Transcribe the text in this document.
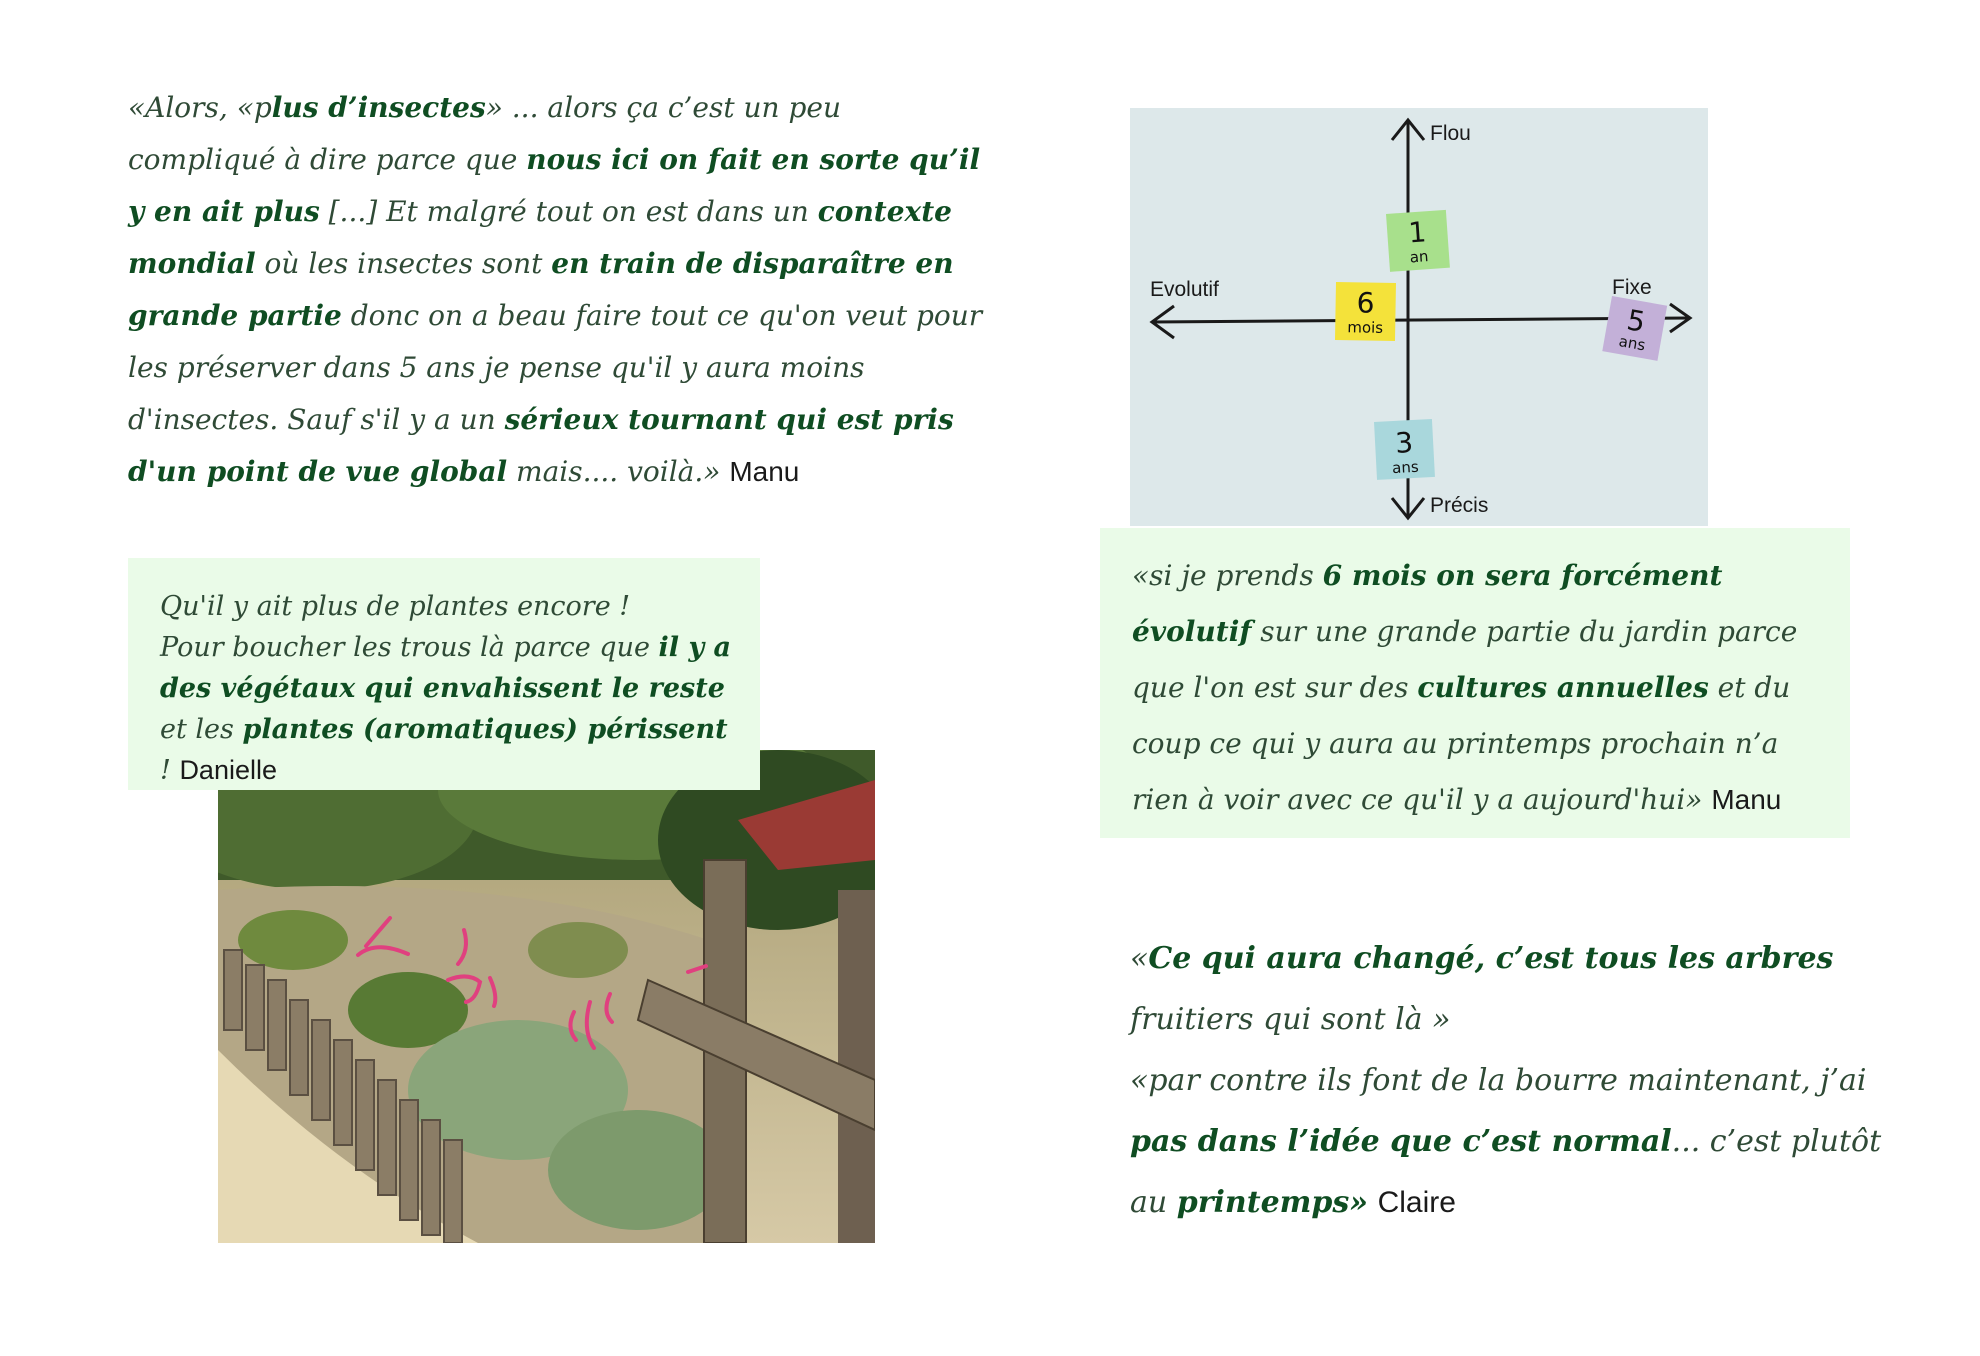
«Alors, «plus d’insectes» ... alors ça c’est un peu compliqué à dire parce que nous ici on fait en sorte qu’il y en ait plus [...] Et malgré tout on est dans un contexte mondial où les insectes sont en train de disparaître en grande partie donc on a beau faire tout ce qu'on veut pour les préserver dans 5 ans je pense qu'il y aura moins d'insectes. Sauf s'il y a un sérieux tournant qui est pris d'un point de vue global mais.... voilà.» Manu
Flou
Précis
Evolutif	Fixe
1
an
6
mois	5
ans
3
ans
Qu'il y ait plus de plantes encore !
Pour boucher les trous là parce que il y a des végétaux qui envahissent le reste et les plantes (aromatiques) périssent ! Danielle
«si je prends 6 mois on sera forcément évolutif sur une grande partie du jardin parce que l'on est sur des cultures annuelles et du coup ce qui y aura au printemps prochain n’a rien à voir avec ce qu'il y a aujourd'hui» Manu
«Ce qui aura changé, c’est tous les arbres fruitiers qui sont là »
«par contre ils font de la bourre maintenant, j’ai pas dans l’idée que c’est normal... c’est plutôt au printemps» Claire
